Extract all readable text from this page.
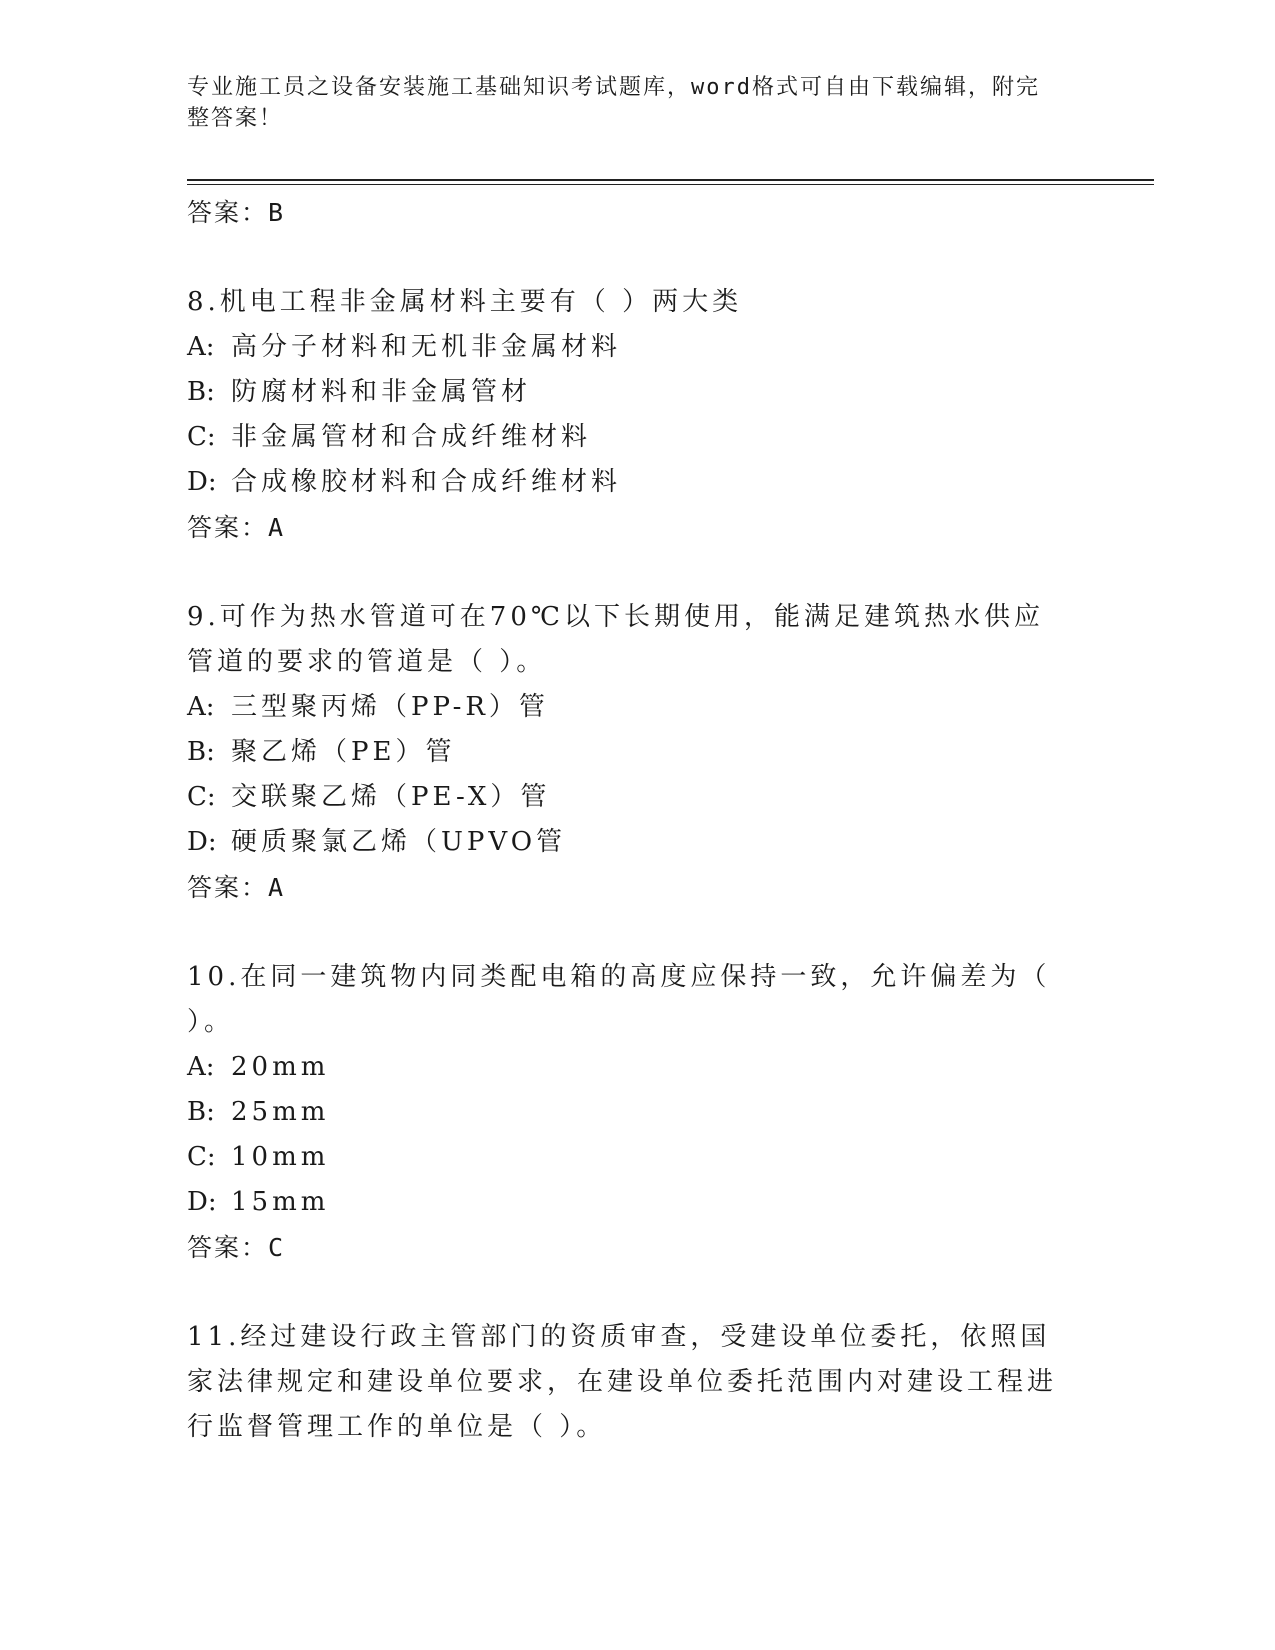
专业施工员之设备安装施工基础知识考试题库，word格式可自由下载编辑，附完
整答案！
答案：B
8.机电工程非金属材料主要有（ ）两大类
A: 高分子材料和无机非金属材料
B: 防腐材料和非金属管材
C: 非金属管材和合成纤维材料
D: 合成橡胶材料和合成纤维材料
答案：A
9.可作为热水管道可在70℃以下长期使用，能满足建筑热水供应管道的要求的管道是（ ）。
A: 三型聚丙烯（PP-R）管
B: 聚乙烯（PE）管
C: 交联聚乙烯（PE-X）管
D: 硬质聚氯乙烯（UPVO管
答案：A
10.在同一建筑物内同类配电箱的高度应保持一致，允许偏差为（ ）。
A: 20mm
B: 25mm
C: 10mm
D: 15mm
答案：C
11.经过建设行政主管部门的资质审查，受建设单位委托，依照国家法律规定和建设单位要求，在建设单位委托范围内对建设工程进行监督管理工作的单位是（ ）。
